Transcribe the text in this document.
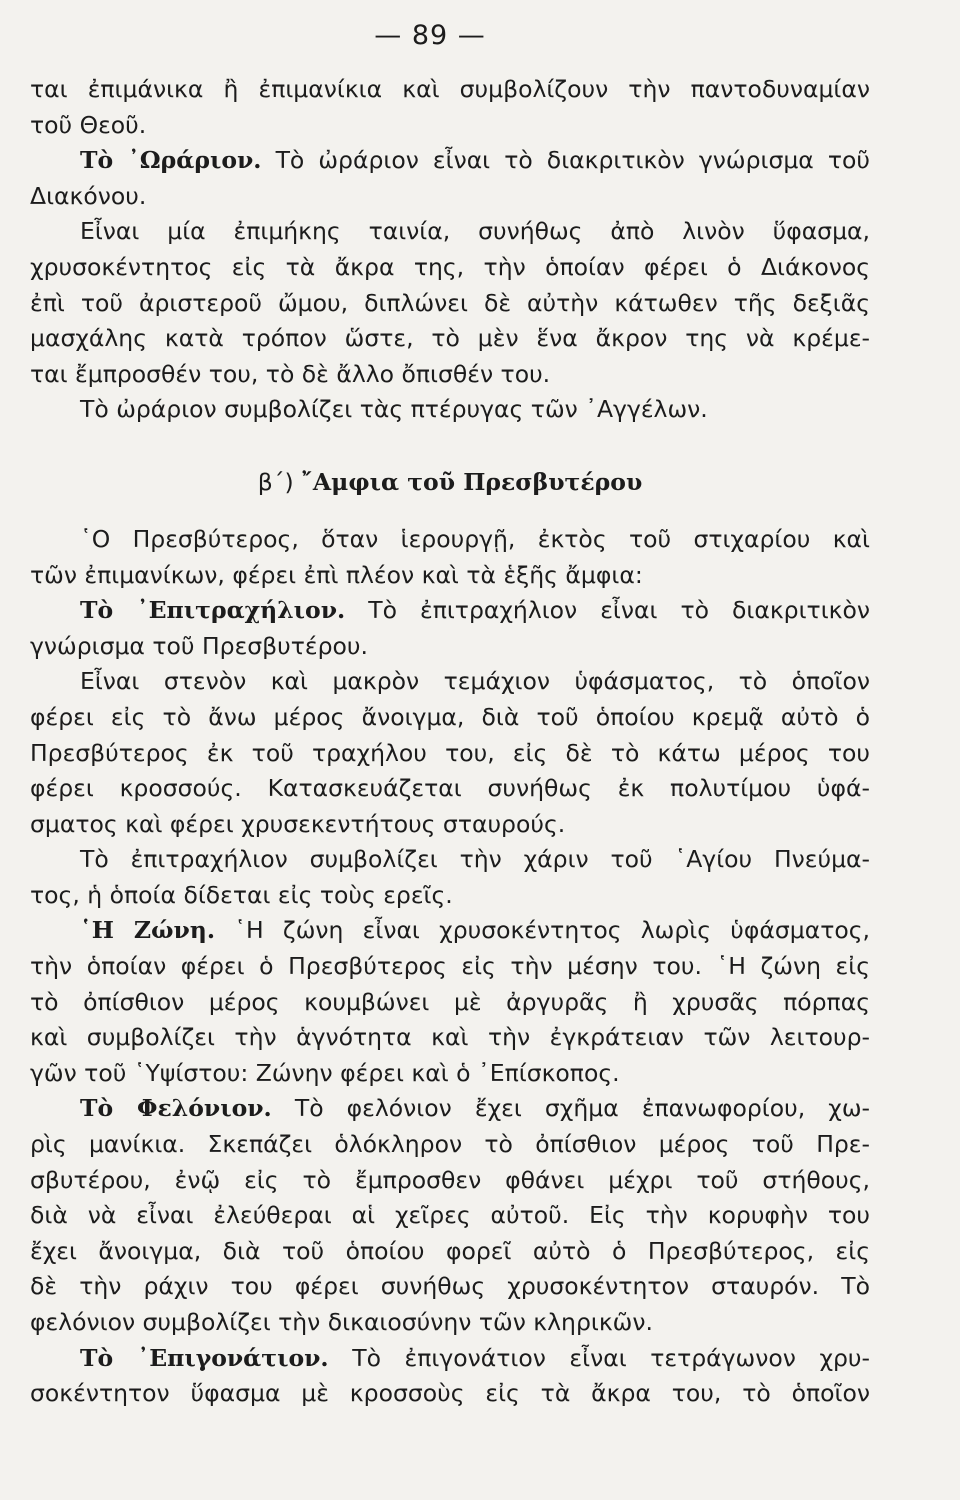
— 89 —
ται ἐπιμάνικα ἢ ἐπιμανίκια καὶ συμβολίζουν τὴν παντοδυναμίαν
τοῦ Θεοῦ.
Τὸ ᾽Ωράριον. Τὸ ὠράριον εἶναι τὸ διακριτικὸν γνώρισμα τοῦ
Διακόνου.
Εἶναι μία ἐπιμήκης ταινία, συνήθως ἀπὸ λινὸν ὕφασμα,
χρυσοκέντητος εἰς τὰ ἄκρα της, τὴν ὁποίαν φέρει ὁ Διάκονος
ἐπὶ τοῦ ἀριστεροῦ ὤμου, διπλώνει δὲ αὐτὴν κάτωθεν τῆς δεξιᾶς
μασχάλης κατὰ τρόπον ὥστε, τὸ μὲν ἕνα ἄκρον της νὰ κρέμε-
ται ἔμπροσθέν του, τὸ δὲ ἄλλο ὄπισθέν του.
Τὸ ὠράριον συμβολίζει τὰς πτέρυγας τῶν ᾽Αγγέλων.
β΄) ῎Αμφια τοῦ Πρεσβυτέρου
῾Ο Πρεσβύτερος, ὅταν ἱερουργῇ, ἐκτὸς τοῦ στιχαρίου καὶ
τῶν ἐπιμανίκων, φέρει ἐπὶ πλέον καὶ τὰ ἑξῆς ἄμφια:
Τὸ ᾽Επιτραχήλιον. Τὸ ἐπιτραχήλιον εἶναι τὸ διακριτικὸν
γνώρισμα τοῦ Πρεσβυτέρου.
Εἶναι στενὸν καὶ μακρὸν τεμάχιον ὑφάσματος, τὸ ὁποῖον
φέρει εἰς τὸ ἄνω μέρος ἄνοιγμα, διὰ τοῦ ὁποίου κρεμᾷ αὐτὸ ὁ
Πρεσβύτερος ἐκ τοῦ τραχήλου του, εἰς δὲ τὸ κάτω μέρος του
φέρει κροσσούς. Κατασκευάζεται συνήθως ἐκ πολυτίμου ὑφά-
σματος καὶ φέρει χρυσεκεντήτους σταυρούς.
Τὸ ἐπιτραχήλιον συμβολίζει τὴν χάριν τοῦ ῾Αγίου Πνεύμα-
τος, ἡ ὁποία δίδεται εἰς τοὺς ερεῖς.
῾Η Ζώνη. ῾Η ζώνη εἶναι χρυσοκέντητος λωρὶς ὑφάσματος,
τὴν ὁποίαν φέρει ὁ Πρεσβύτερος εἰς τὴν μέσην του. ῾Η ζώνη εἰς
τὸ ὀπίσθιον μέρος κουμβώνει μὲ ἀργυρᾶς ἢ χρυσᾶς πόρπας
καὶ συμβολίζει τὴν ἁγνότητα καὶ τὴν ἐγκράτειαν τῶν λειτουρ-
γῶν τοῦ ῾Υψίστου: Ζώνην φέρει καὶ ὁ ᾽Επίσκοπος.
Τὸ Φελόνιον. Τὸ φελόνιον ἔχει σχῆμα ἐπανωφορίου, χω-
ρὶς μανίκια. Σκεπάζει ὁλόκληρον τὸ ὀπίσθιον μέρος τοῦ Πρε-
σβυτέρου, ἐνῷ εἰς τὸ ἔμπροσθεν φθάνει μέχρι τοῦ στήθους,
διὰ νὰ εἶναι ἐλεύθεραι αἱ χεῖρες αὐτοῦ. Εἰς τὴν κορυφὴν του
ἔχει ἄνοιγμα, διὰ τοῦ ὁποίου φορεῖ αὐτὸ ὁ Πρεσβύτερος, εἰς
δὲ τὴν ράχιν του φέρει συνήθως χρυσοκέντητον σταυρόν. Τὸ
φελόνιον συμβολίζει τὴν δικαιοσύνην τῶν κληρικῶν.
Τὸ ᾽Επιγονάτιον. Τὸ ἐπιγονάτιον εἶναι τετράγωνον χρυ-
σοκέντητον ὕφασμα μὲ κροσσοὺς εἰς τὰ ἄκρα του, τὸ ὁποῖον
